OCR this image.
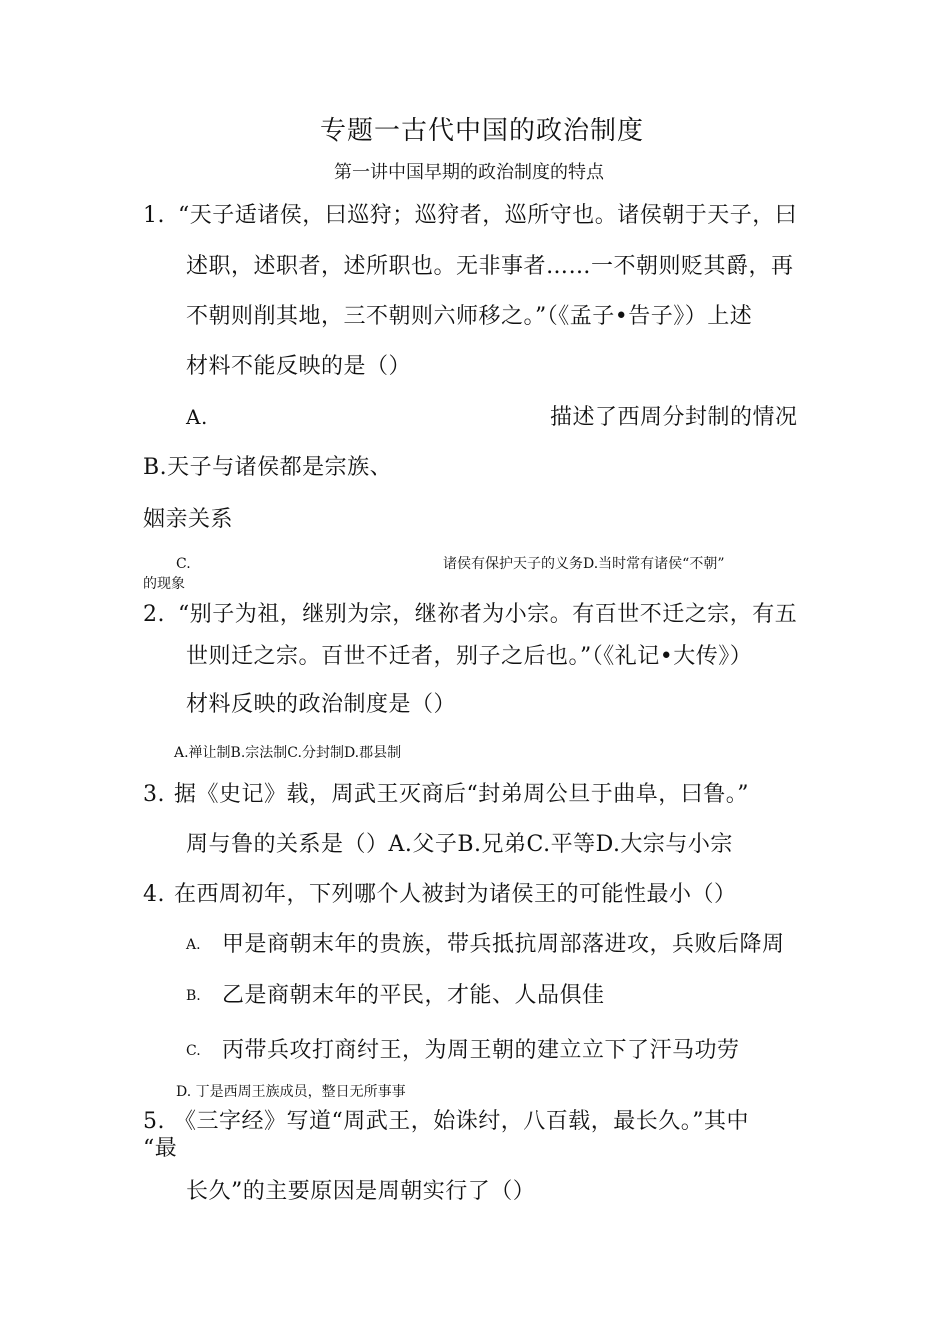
专题一古代中国的政治制度
第一讲中国早期的政治制度的特点
1. “天子适诸侯，曰巡狩；巡狩者，巡所守也。诸侯朝于天子，曰
述职，述职者，述所职也。无非事者……一不朝则贬其爵，再
不朝则削其地，三不朝则六师移之。”（《孟子•告子》）上述
材料不能反映的是（）
A.	描述了西周分封制的情况
B.天子与诸侯都是宗族、
姻亲关系
C.	诸侯有保护天子的义务D.当时常有诸侯“不朝”
的现象
2. “别子为祖，继别为宗，继祢者为小宗。有百世不迁之宗，有五
世则迁之宗。百世不迁者，别子之后也。”（《礼记•大传》）
材料反映的政治制度是（）
A.禅让制B.宗法制C.分封制D.郡县制
3. 据《史记》载，周武王灭商后“封弟周公旦于曲阜，曰鲁。”
周与鲁的关系是（）A.父子B.兄弟C.平等D.大宗与小宗
4. 在西周初年，下列哪个人被封为诸侯王的可能性最小（）
A. 甲是商朝末年的贵族，带兵抵抗周部落进攻，兵败后降周
B. 乙是商朝末年的平民，才能、人品俱佳
C. 丙带兵攻打商纣王，为周王朝的建立立下了汗马功劳
D. 丁是西周王族成员，整日无所事事
5. 《三字经》写道“周武王，始诛纣，八百载，最长久。”其中
“最
长久”的主要原因是周朝实行了（）
